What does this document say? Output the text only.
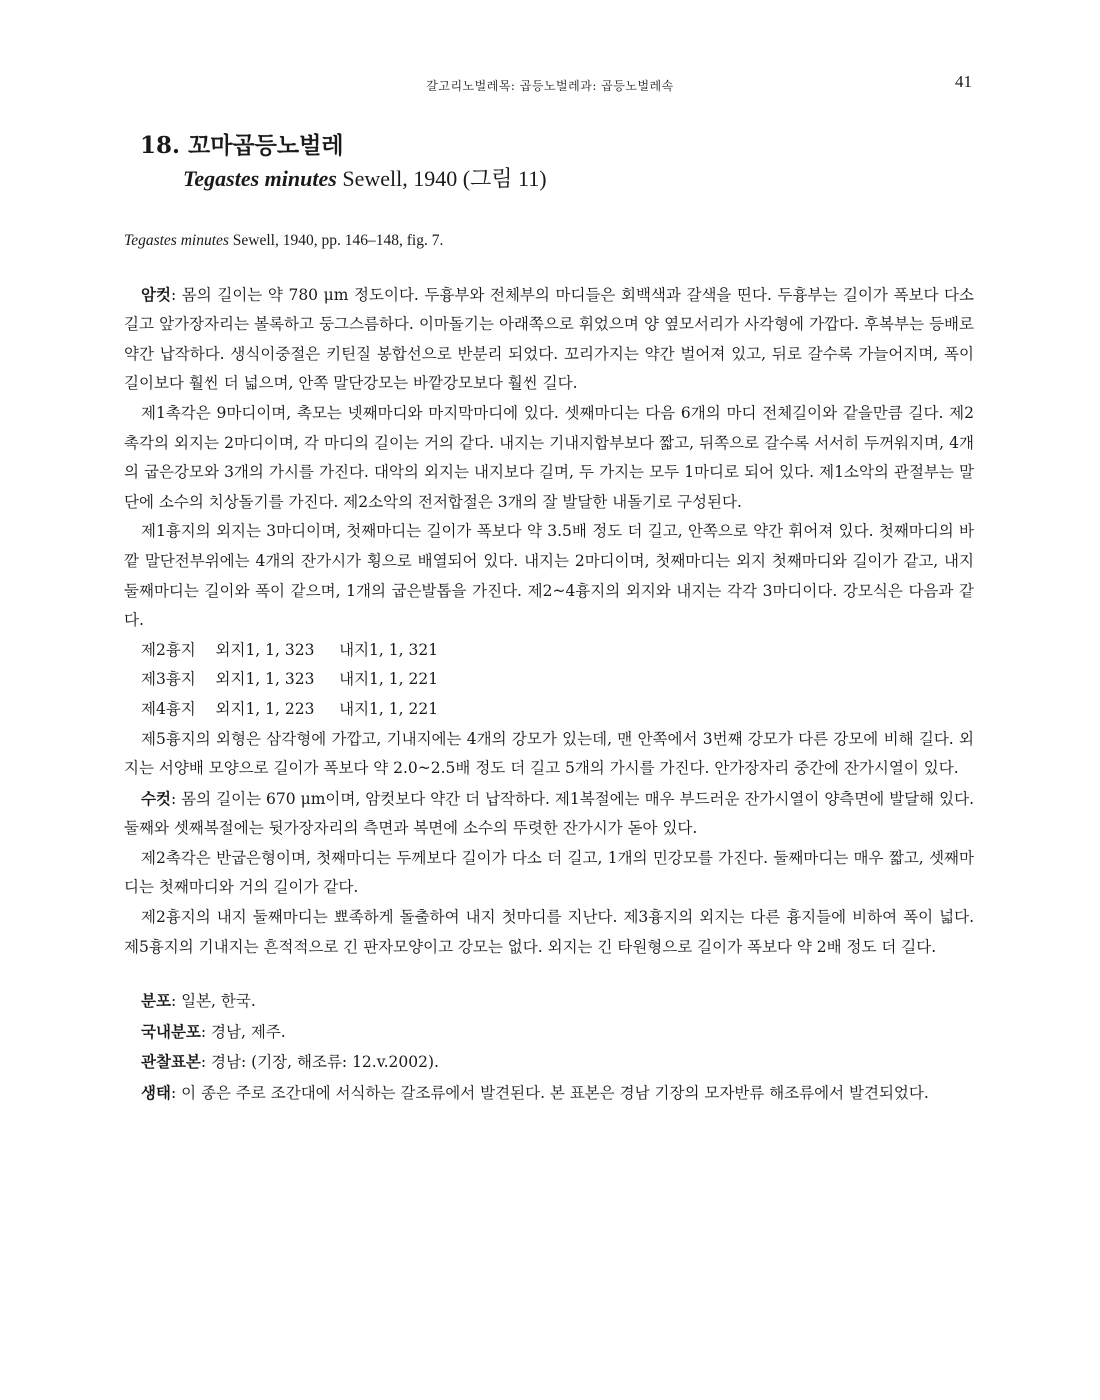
갈고리노벌레목: 곱등노벌레과: 곱등노벌레속	41
18. 꼬마곱등노벌레
Tegastes minutes Sewell, 1940 (그림 11)
Tegastes minutes Sewell, 1940, pp. 146–148, fig. 7.

암컷: 몸의 길이는 약 780 μm 정도이다. 두흉부와 전체부의 마디들은 회백색과 갈색을 띤다. 두흉부는 길이가 폭보다 다소 길고 앞가장자리는 볼록하고 둥그스름하다. 이마돌기는 아래쪽으로 휘었으며 양 옆모서리가 사각형에 가깝다. 후복부는 등배로 약간 납작하다. 생식이중절은 키틴질 봉합선으로 반분리 되었다. 꼬리가지는 약간 벌어져 있고, 뒤로 갈수록 가늘어지며, 폭이 길이보다 훨씬 더 넓으며, 안쪽 말단강모는 바깥강모보다 훨씬 길다.

제1촉각은 9마디이며, 촉모는 넷째마디와 마지막마디에 있다. 셋째마디는 다음 6개의 마디 전체길이와 같을만큼 길다. 제2촉각의 외지는 2마디이며, 각 마디의 길이는 거의 같다. 내지는 기내지합부보다 짧고, 뒤쪽으로 갈수록 서서히 두꺼워지며, 4개의 굽은강모와 3개의 가시를 가진다. 대악의 외지는 내지보다 길며, 두 가지는 모두 1마디로 되어 있다. 제1소악의 관절부는 말단에 소수의 치상돌기를 가진다. 제2소악의 전저합절은 3개의 잘 발달한 내돌기로 구성된다.

제1흉지의 외지는 3마디이며, 첫째마디는 길이가 폭보다 약 3.5배 정도 더 길고, 안쪽으로 약간 휘어져 있다. 첫째마디의 바깥 말단전부위에는 4개의 잔가시가 횡으로 배열되어 있다. 내지는 2마디이며, 첫째마디는 외지 첫째마디와 길이가 같고, 내지 둘째마디는 길이와 폭이 같으며, 1개의 굽은발톱을 가진다. 제2~4흉지의 외지와 내지는 각각 3마디이다. 강모식은 다음과 같다.

제2흉지 외지1, 1, 323 내지1, 1, 321
제3흉지 외지1, 1, 323 내지1, 1, 221
제4흉지 외지1, 1, 223 내지1, 1, 221

제5흉지의 외형은 삼각형에 가깝고, 기내지에는 4개의 강모가 있는데, 맨 안쪽에서 3번째 강모가 다른 강모에 비해 길다. 외지는 서양배 모양으로 길이가 폭보다 약 2.0~2.5배 정도 더 길고 5개의 가시를 가진다. 안가장자리 중간에 잔가시열이 있다.

수컷: 몸의 길이는 670 μm이며, 암컷보다 약간 더 납작하다. 제1복절에는 매우 부드러운 잔가시열이 양측면에 발달해 있다. 둘째와 셋째복절에는 뒷가장자리의 측면과 복면에 소수의 뚜렷한 잔가시가 돋아 있다.

제2촉각은 반굽은형이며, 첫째마디는 두께보다 길이가 다소 더 길고, 1개의 민강모를 가진다. 둘째마디는 매우 짧고, 셋째마디는 첫째마디와 거의 길이가 같다.

제2흉지의 내지 둘째마디는 뾰족하게 돌출하여 내지 첫마디를 지난다. 제3흉지의 외지는 다른 흉지들에 비하여 폭이 넓다. 제5흉지의 기내지는 흔적적으로 긴 판자모양이고 강모는 없다. 외지는 긴 타원형으로 길이가 폭보다 약 2배 정도 더 길다.

분포: 일본, 한국.

국내분포: 경남, 제주.

관찰표본: 경남: (기장, 해조류: 12.v.2002).

생태: 이 종은 주로 조간대에 서식하는 갈조류에서 발견된다. 본 표본은 경남 기장의 모자반류 해조류에서 발견되었다.
